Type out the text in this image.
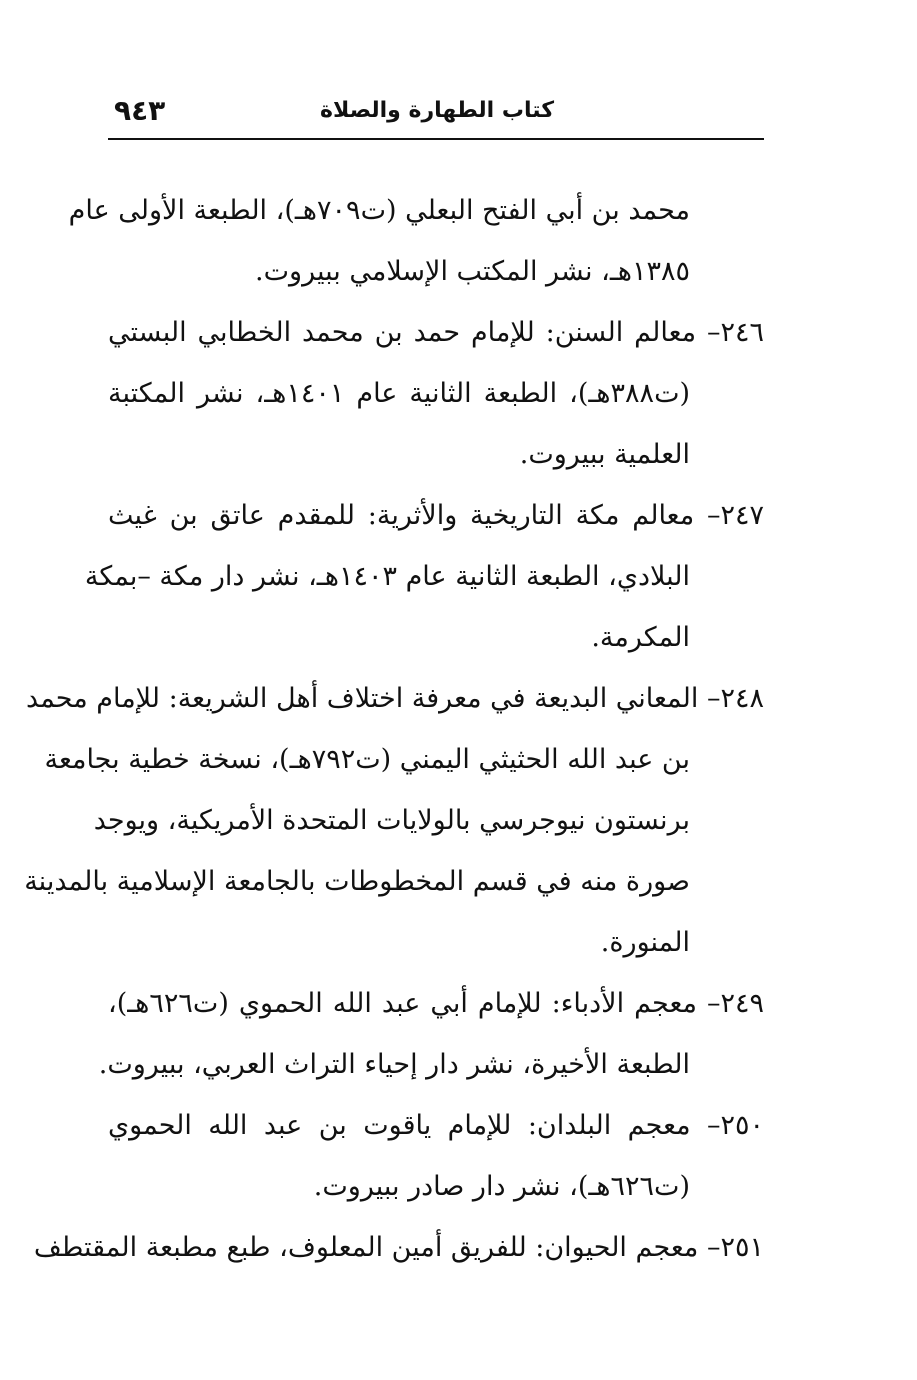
كتاب الطهارة والصلاة
٩٤٣
محمد بن أبي الفتح البعلي (ت٧٠٩هـ)، الطبعة الأولى عام
١٣٨٥هـ، نشر المكتب الإسلامي ببيروت.
٢٤٦– معالم السنن: للإمام حمد بن محمد الخطابي البستي
(ت٣٨٨هـ)، الطبعة الثانية عام ١٤٠١هـ، نشر المكتبة
العلمية ببيروت.
٢٤٧– معالم مكة التاريخية والأثرية: للمقدم عاتق بن غيث
البلادي، الطبعة الثانية عام ١٤٠٣هـ، نشر دار مكة –بمكة
المكرمة.
٢٤٨– المعاني البديعة في معرفة اختلاف أهل الشريعة: للإمام محمد
بن عبد الله الحثيثي اليمني (ت٧٩٢هـ)، نسخة خطية بجامعة
برنستون نيوجرسي بالولايات المتحدة الأمريكية، ويوجد
صورة منه في قسم المخطوطات بالجامعة الإسلامية بالمدينة
المنورة.
٢٤٩– معجم الأدباء: للإمام أبي عبد الله الحموي (ت٦٢٦هـ)،
الطبعة الأخيرة، نشر دار إحياء التراث العربي، ببيروت.
٢٥٠– معجم البلدان: للإمام ياقوت بن عبد الله الحموي
(ت٦٢٦هـ)، نشر دار صادر ببيروت.
٢٥١– معجم الحيوان: للفريق أمين المعلوف، طبع مطبعة المقتطف
